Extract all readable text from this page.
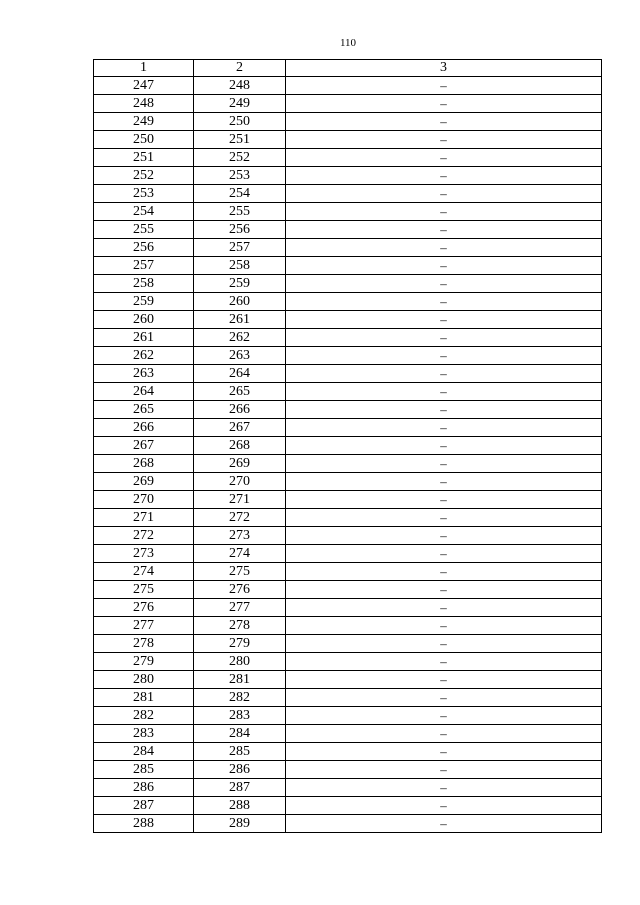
110
1	2	3
247	248	–
248	249	–
249	250	–
250	251	–
251	252	–
252	253	–
253	254	–
254	255	–
255	256	–
256	257	–
257	258	–
258	259	–
259	260	–
260	261	–
261	262	–
262	263	–
263	264	–
264	265	–
265	266	–
266	267	–
267	268	–
268	269	–
269	270	–
270	271	–
271	272	–
272	273	–
273	274	–
274	275	–
275	276	–
276	277	–
277	278	–
278	279	–
279	280	–
280	281	–
281	282	–
282	283	–
283	284	–
284	285	–
285	286	–
286	287	–
287	288	–
288	289	–
